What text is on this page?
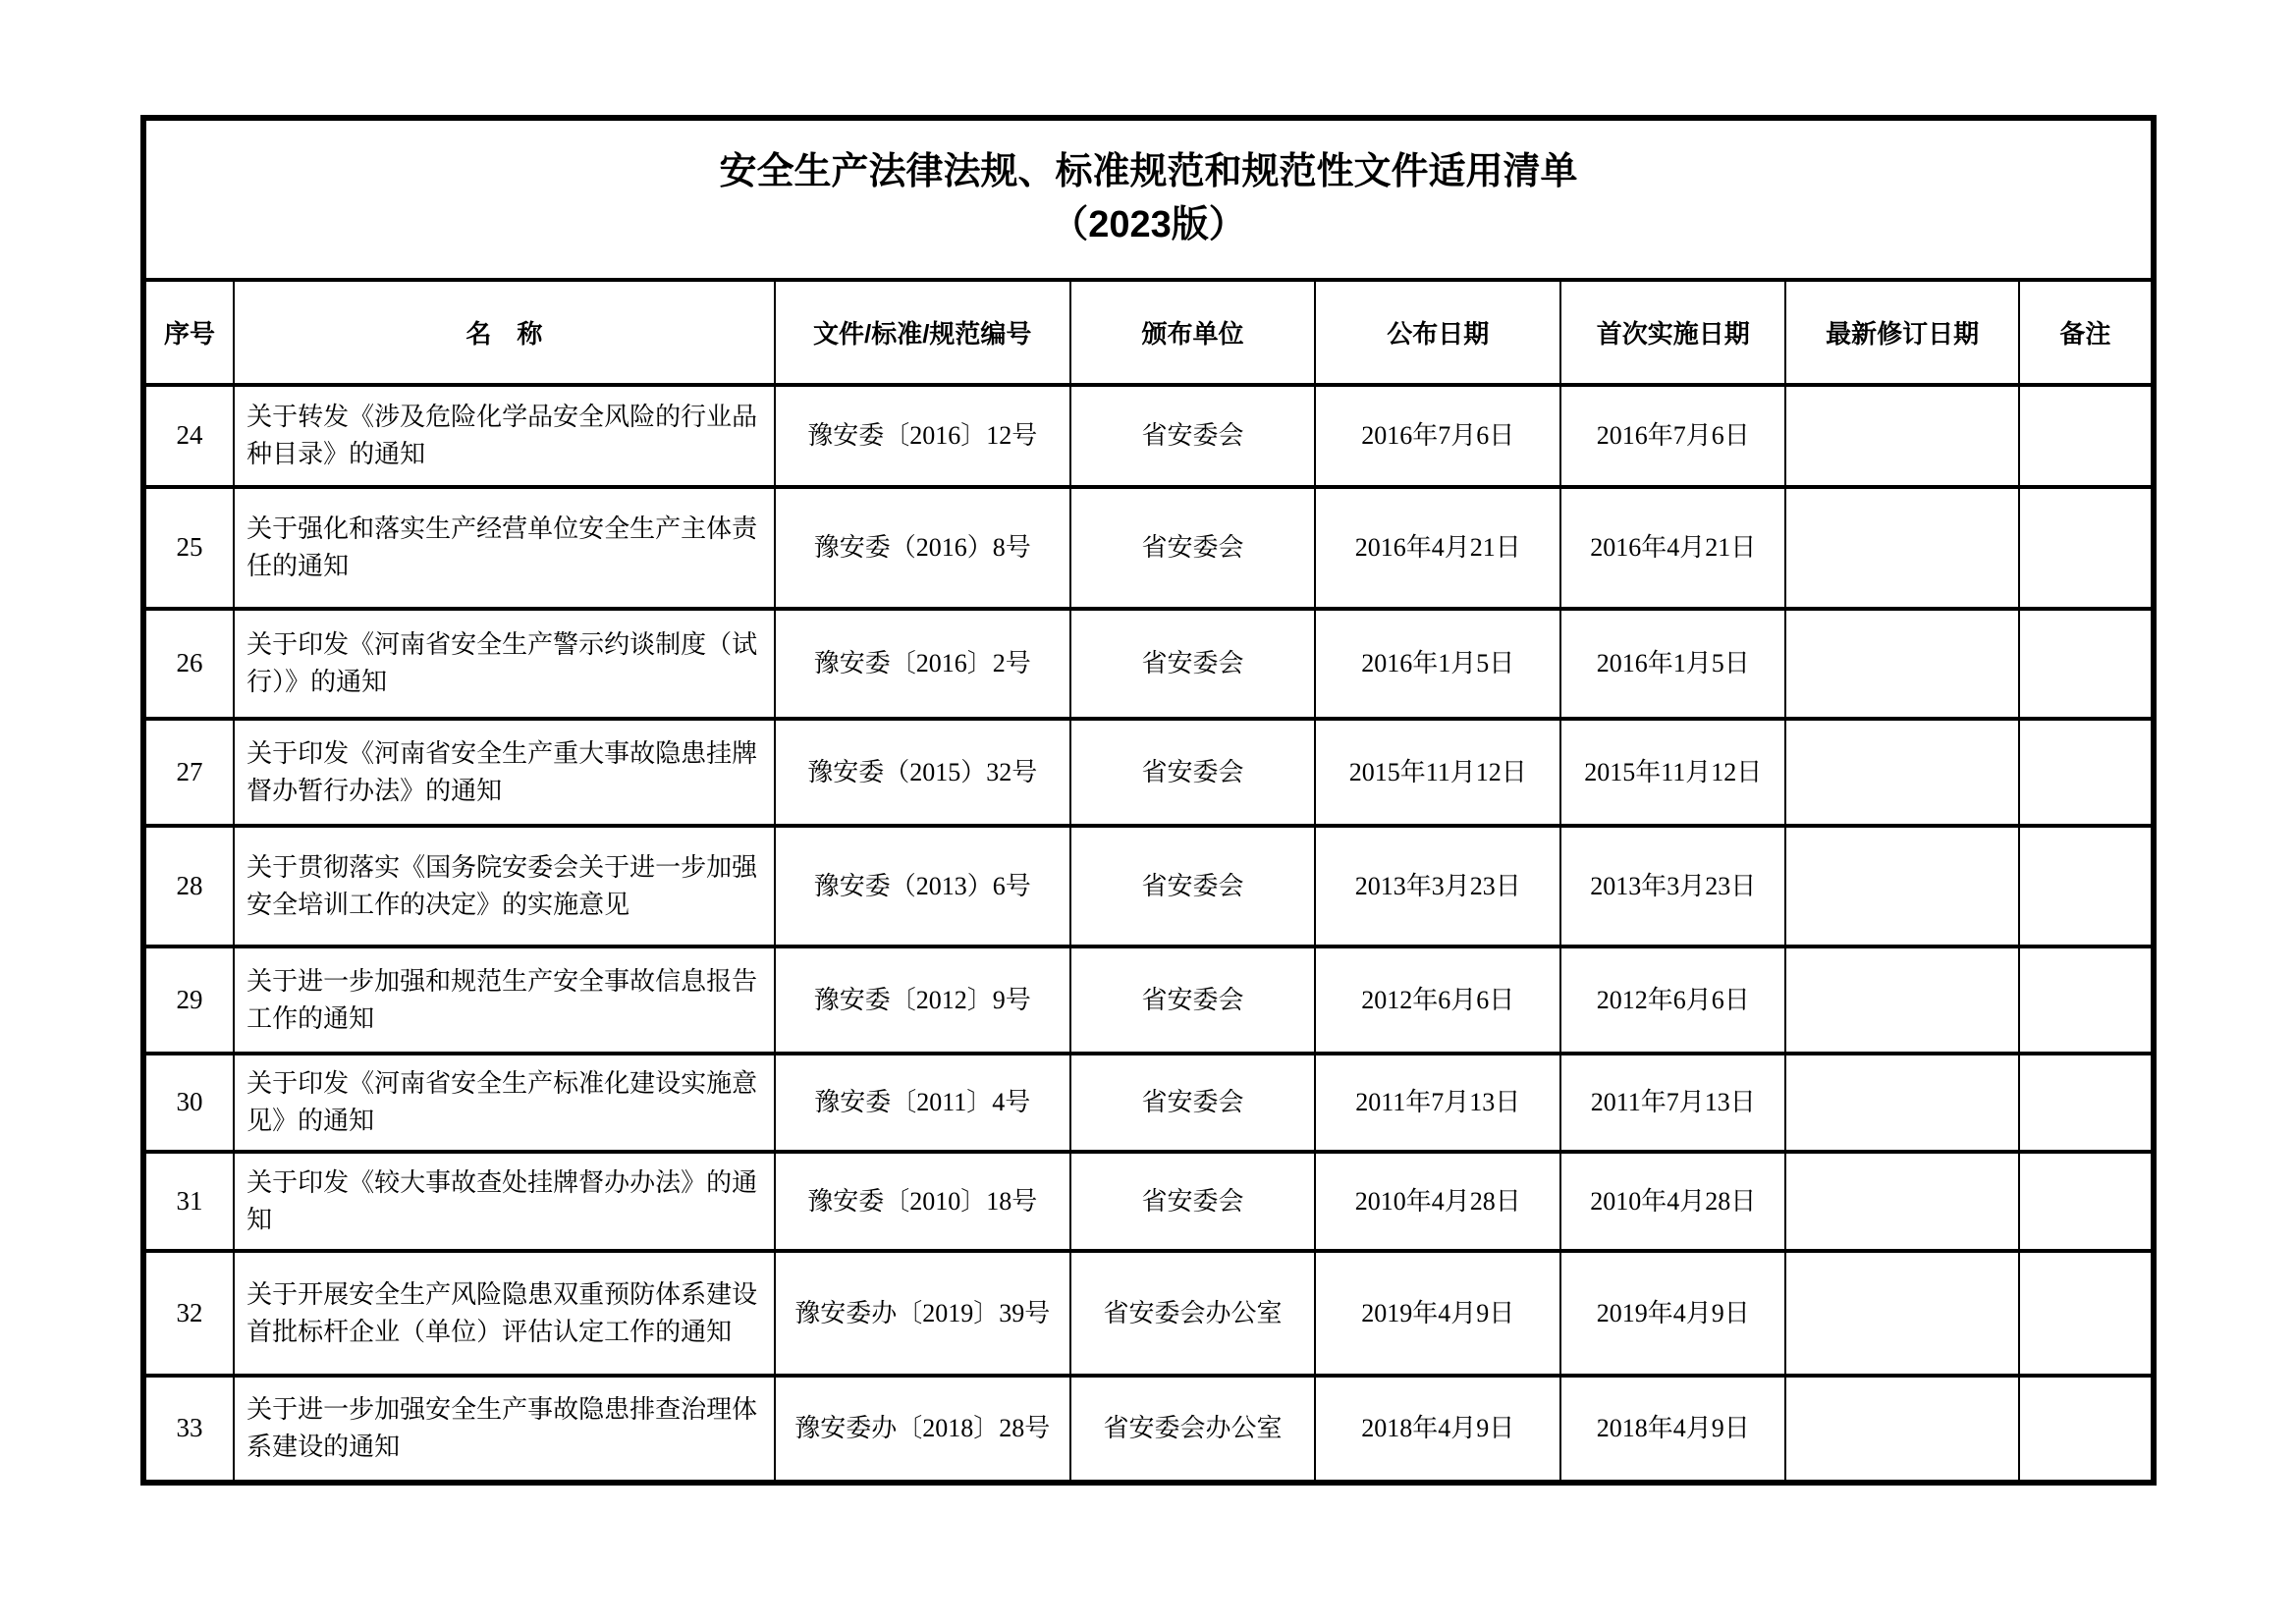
安全生产法律法规、标准规范和规范性文件适用清单
（2023版）							

序号	名　称	文件/标准/规范编号	颁布单位	公布日期	首次实施日期	最新修订日期	备注
24	关于转发《涉及危险化学品安全风险的行业品种目录》的通知	豫安委〔2016〕12号	省安委会	2016年7月6日	2016年7月6日		
25	关于强化和落实生产经营单位安全生产主体责任的通知	豫安委（2016）8号	省安委会	2016年4月21日	2016年4月21日		
26	关于印发《河南省安全生产警示约谈制度（试行）》的通知	豫安委〔2016〕2号	省安委会	2016年1月5日	2016年1月5日		
27	关于印发《河南省安全生产重大事故隐患挂牌督办暂行办法》的通知	豫安委（2015）32号	省安委会	2015年11月12日	2015年11月12日		
28	关于贯彻落实《国务院安委会关于进一步加强安全培训工作的决定》的实施意见	豫安委（2013）6号	省安委会	2013年3月23日	2013年3月23日		
29	关于进一步加强和规范生产安全事故信息报告工作的通知	豫安委〔2012〕9号	省安委会	2012年6月6日	2012年6月6日		
30	关于印发《河南省安全生产标准化建设实施意见》的通知	豫安委〔2011〕4号	省安委会	2011年7月13日	2011年7月13日		
31	关于印发《较大事故查处挂牌督办办法》的通知	豫安委〔2010〕18号	省安委会	2010年4月28日	2010年4月28日		
32	关于开展安全生产风险隐患双重预防体系建设首批标杆企业（单位）评估认定工作的通知	豫安委办〔2019〕39号	省安委会办公室	2019年4月9日	2019年4月9日		
33	关于进一步加强安全生产事故隐患排查治理体系建设的通知	豫安委办〔2018〕28号	省安委会办公室	2018年4月9日	2018年4月9日		
